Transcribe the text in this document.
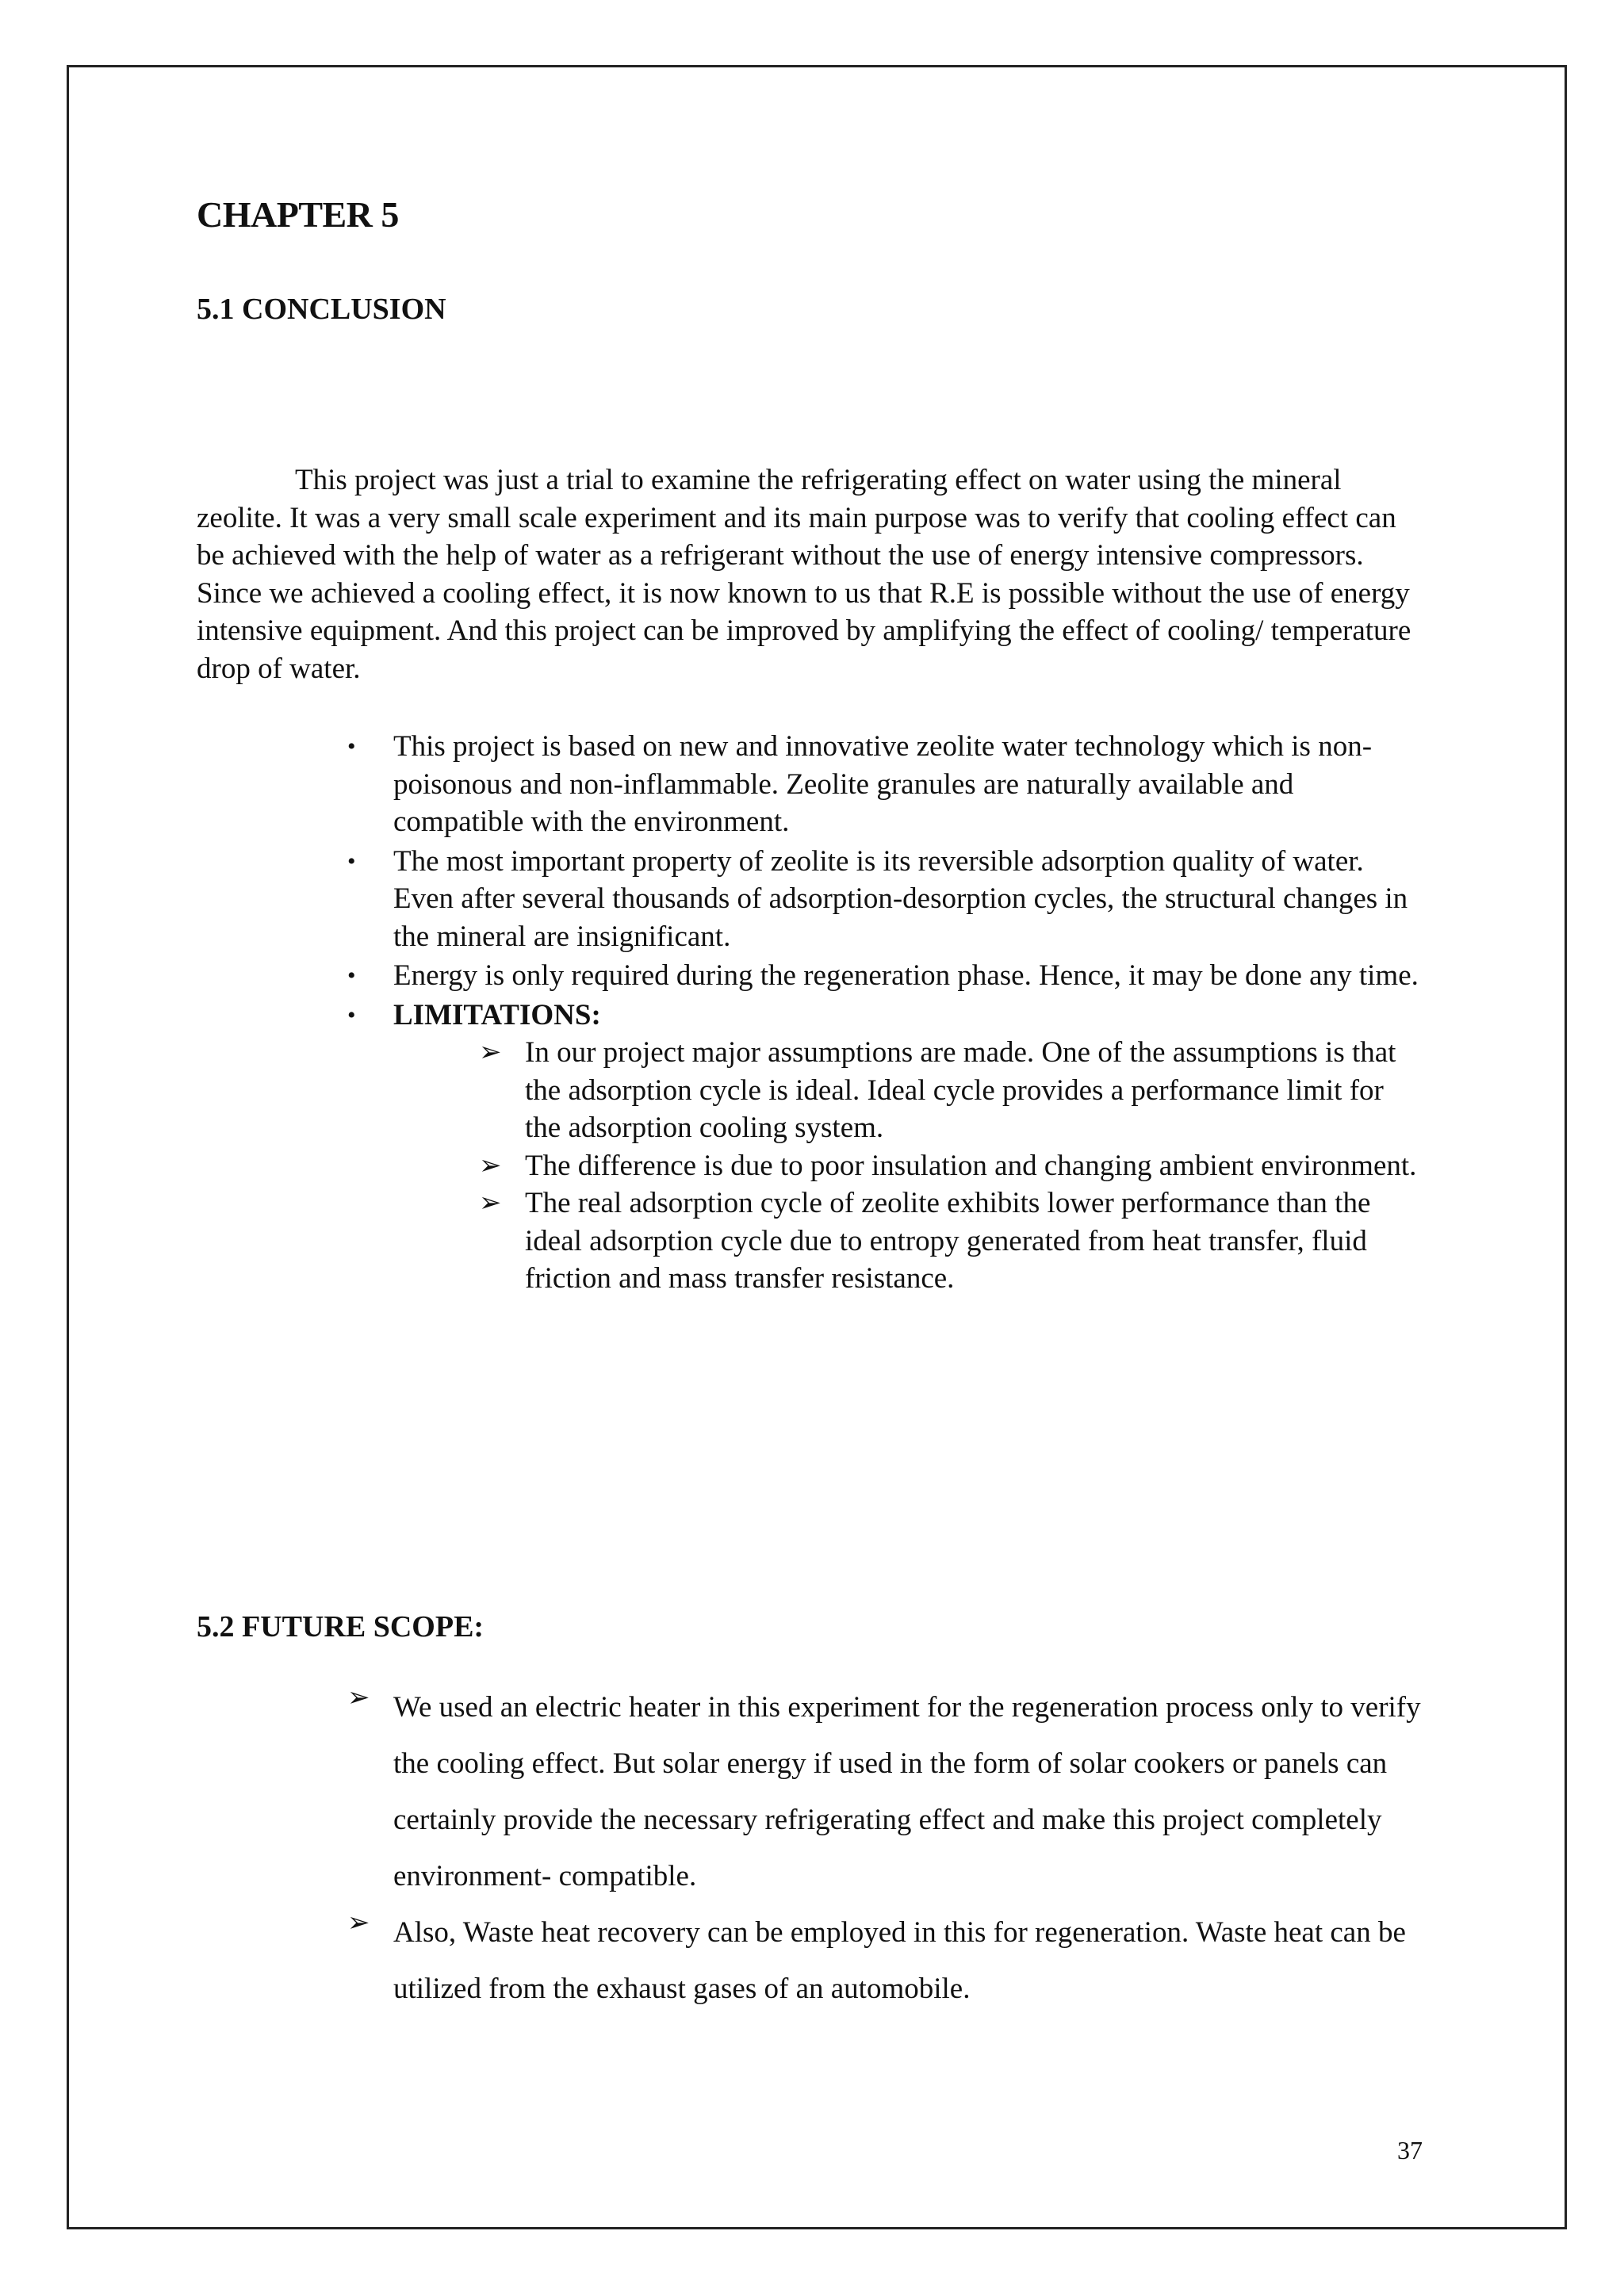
CHAPTER 5
5.1 CONCLUSION

This project was just a trial to examine the refrigerating effect on water using the mineral zeolite. It was a very small scale experiment and its main purpose was to verify that cooling effect can be achieved with the help of water as a refrigerant without the use of energy intensive compressors. Since we achieved a cooling effect, it is now known to us that R.E is possible without the use of energy intensive equipment. And this project can be improved by amplifying the effect of cooling/ temperature drop of water.

• This project is based on new and innovative zeolite water technology which is non-poisonous and non-inflammable. Zeolite granules are naturally available and compatible with the environment.
• The most important property of zeolite is its reversible adsorption quality of water. Even after several thousands of adsorption-desorption cycles, the structural changes in the mineral are insignificant.
• Energy is only required during the regeneration phase. Hence, it may be done any time.
• LIMITATIONS:
➢ In our project major assumptions are made. One of the assumptions is that the adsorption cycle is ideal. Ideal cycle provides a performance limit for the adsorption cooling system.
➢ The difference is due to poor insulation and changing ambient environment.
➢ The real adsorption cycle of zeolite exhibits lower performance than the ideal adsorption cycle due to entropy generated from heat transfer, fluid friction and mass transfer resistance.
5.2 FUTURE SCOPE:
➢ We used an electric heater in this experiment for the regeneration process only to verify the cooling effect. But solar energy if used in the form of solar cookers or panels can certainly provide the necessary refrigerating effect and make this project completely environment- compatible.
➢ Also, Waste heat recovery can be employed in this for regeneration. Waste heat can be utilized from the exhaust gases of an automobile.
37
